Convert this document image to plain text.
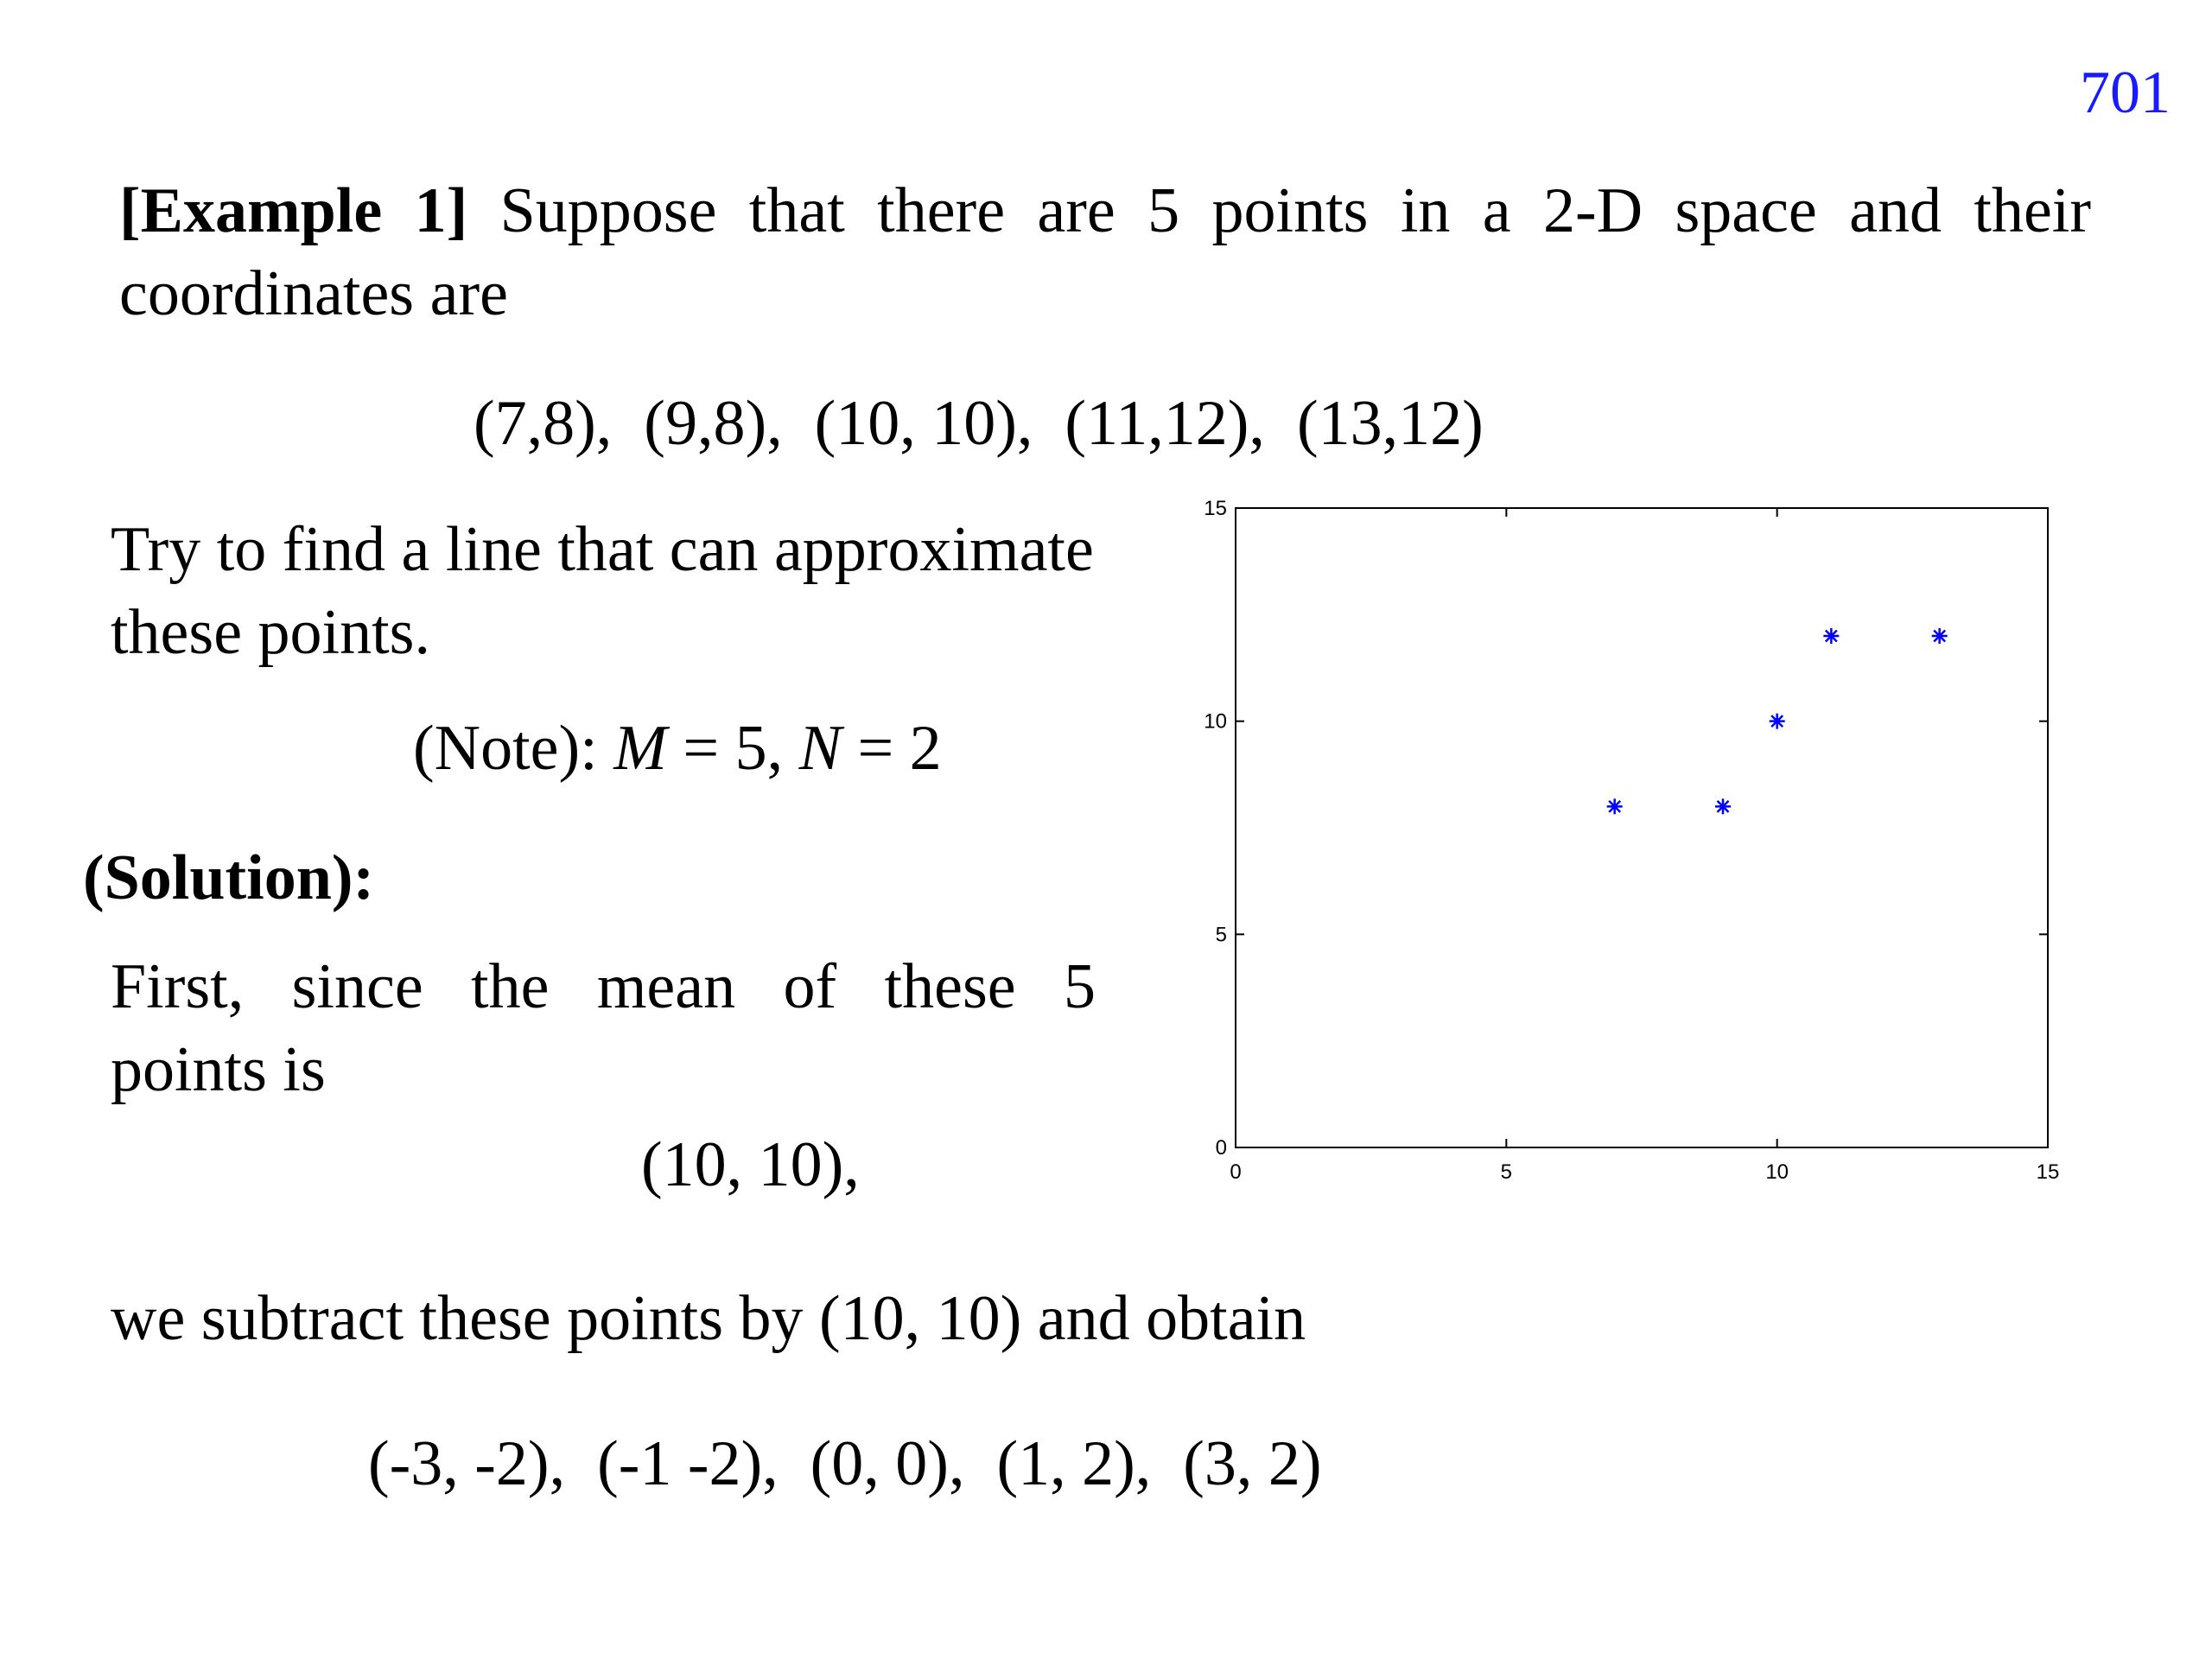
701
[Example 1] Suppose that there are 5 points in a 2-D space and their
coordinates are
(7,8), (9,8), (10, 10), (11,12), (13,12)
Try to find a line that can approximate
these points.
(Note): M = 5, N = 2
(Solution):
First, since the mean of these 5
points is
(10, 10),
we subtract these points by (10, 10) and obtain
(-3, -2), (-1 -2), (0, 0), (1, 2), (3, 2)
0	5	10	15
0
5
10
15
